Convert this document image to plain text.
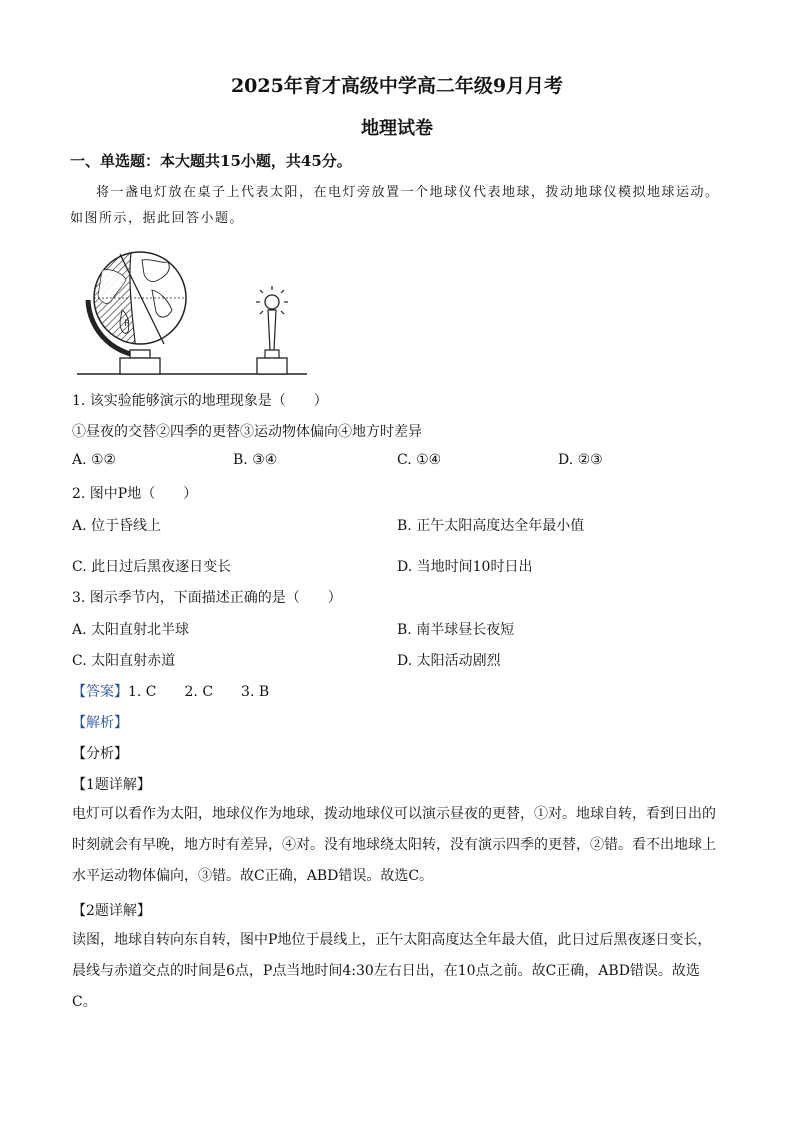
2025年育才高级中学高二年级9月月考
地理试卷
一、单选题：本大题共15小题，共45分。
将一盏电灯放在桌子上代表太阳，在电灯旁放置一个地球仪代表地球，拨动地球仪模拟地球运动。如图所示，据此回答小题。
P
1. 该实验能够演示的地理现象是（　　）
①昼夜的交替②四季的更替③运动物体偏向④地方时差异
A. ①②	B. ③④	C. ①④	D. ②③
2. 图中P地（　　）
A. 位于昏线上	B. 正午太阳高度达全年最小值
C. 此日过后黑夜逐日变长	D. 当地时间10时日出
3. 图示季节内，下面描述正确的是（　　）
A. 太阳直射北半球	B. 南半球昼长夜短
C. 太阳直射赤道	D. 太阳活动剧烈
【答案】1. C　　2. C　　3. B
【解析】
【分析】
【1题详解】
电灯可以看作为太阳，地球仪作为地球，拨动地球仪可以演示昼夜的更替，①对。地球自转，看到日出的时刻就会有早晚，地方时有差异，④对。没有地球绕太阳转，没有演示四季的更替，②错。看不出地球上水平运动物体偏向，③错。故C正确，ABD错误。故选C。
【2题详解】
读图，地球自转向东自转，图中P地位于晨线上，正午太阳高度达全年最大值，此日过后黑夜逐日变长，晨线与赤道交点的时间是6点，P点当地时间4:30左右日出，在10点之前。故C正确，ABD错误。故选C。
